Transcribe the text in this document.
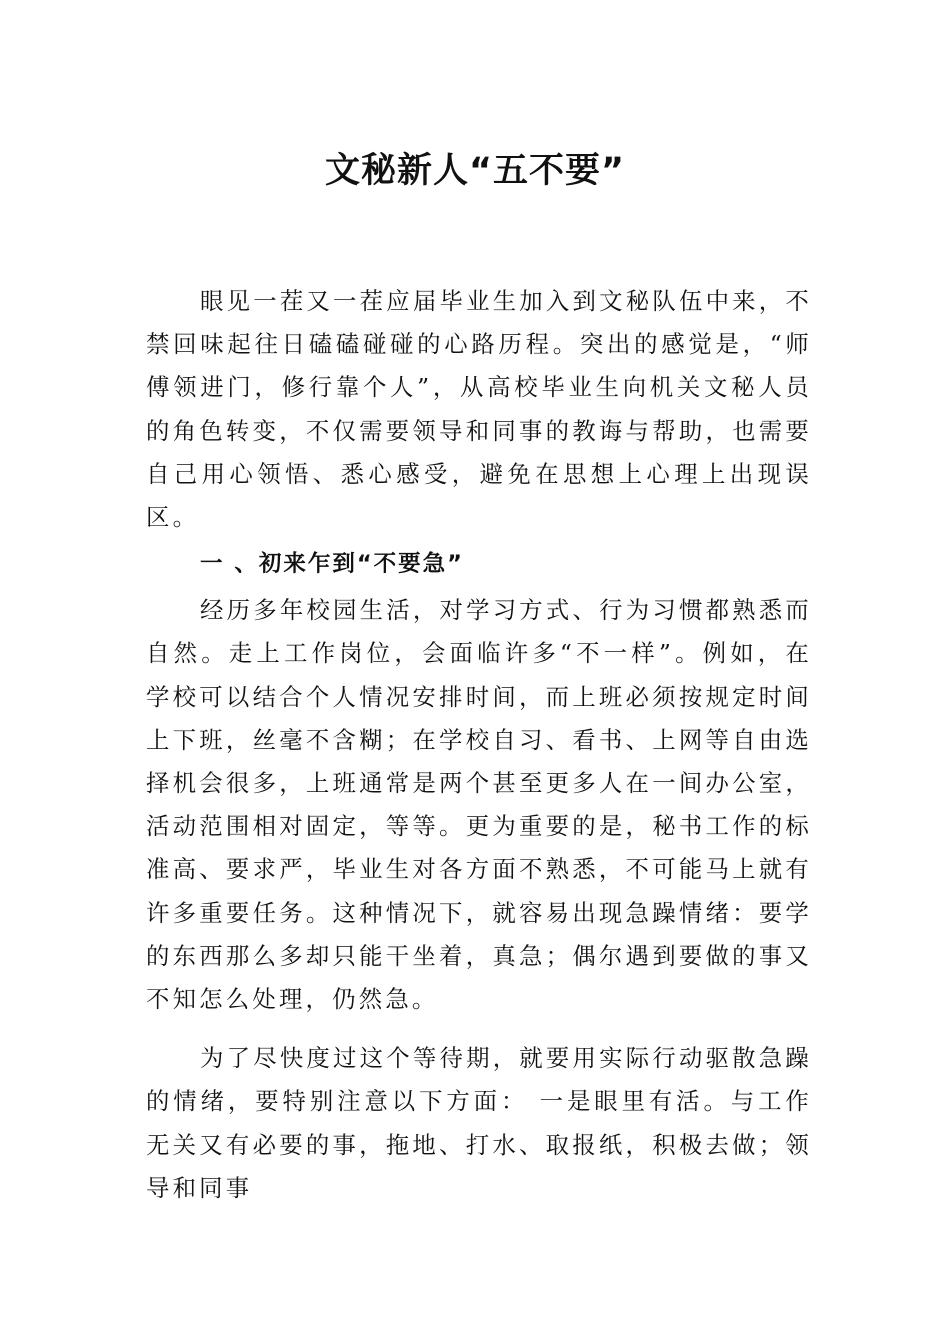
文秘新人“五不要”

眼见一茬又一茬应届毕业生加入到文秘队伍中来，不禁回味起往日磕磕碰碰的心路历程。突出的感觉是，“师傅领进门，修行靠个人”，从高校毕业生向机关文秘人员的角色转变，不仅需要领导和同事的教诲与帮助，也需要自己用心领悟、悉心感受，避免在思想上心理上出现误区。

一 、初来乍到“不要急”

经历多年校园生活，对学习方式、行为习惯都熟悉而自然。走上工作岗位，会面临许多“不一样”。例如，在学校可以结合个人情况安排时间，而上班必须按规定时间上下班，丝毫不含糊；在学校自习、看书、上网等自由选择机会很多，上班通常是两个甚至更多人在一间办公室，活动范围相对固定，等等。更为重要的是，秘书工作的标准高、要求严，毕业生对各方面不熟悉，不可能马上就有许多重要任务。这种情况下，就容易出现急躁情绪：要学的东西那么多却只能干坐着，真急；偶尔遇到要做的事又不知怎么处理，仍然急。

为了尽快度过这个等待期，就要用实际行动驱散急躁的情绪，要特别注意以下方面： 一是眼里有活。与工作无关又有必要的事，拖地、打水、取报纸，积极去做；领导和同事
